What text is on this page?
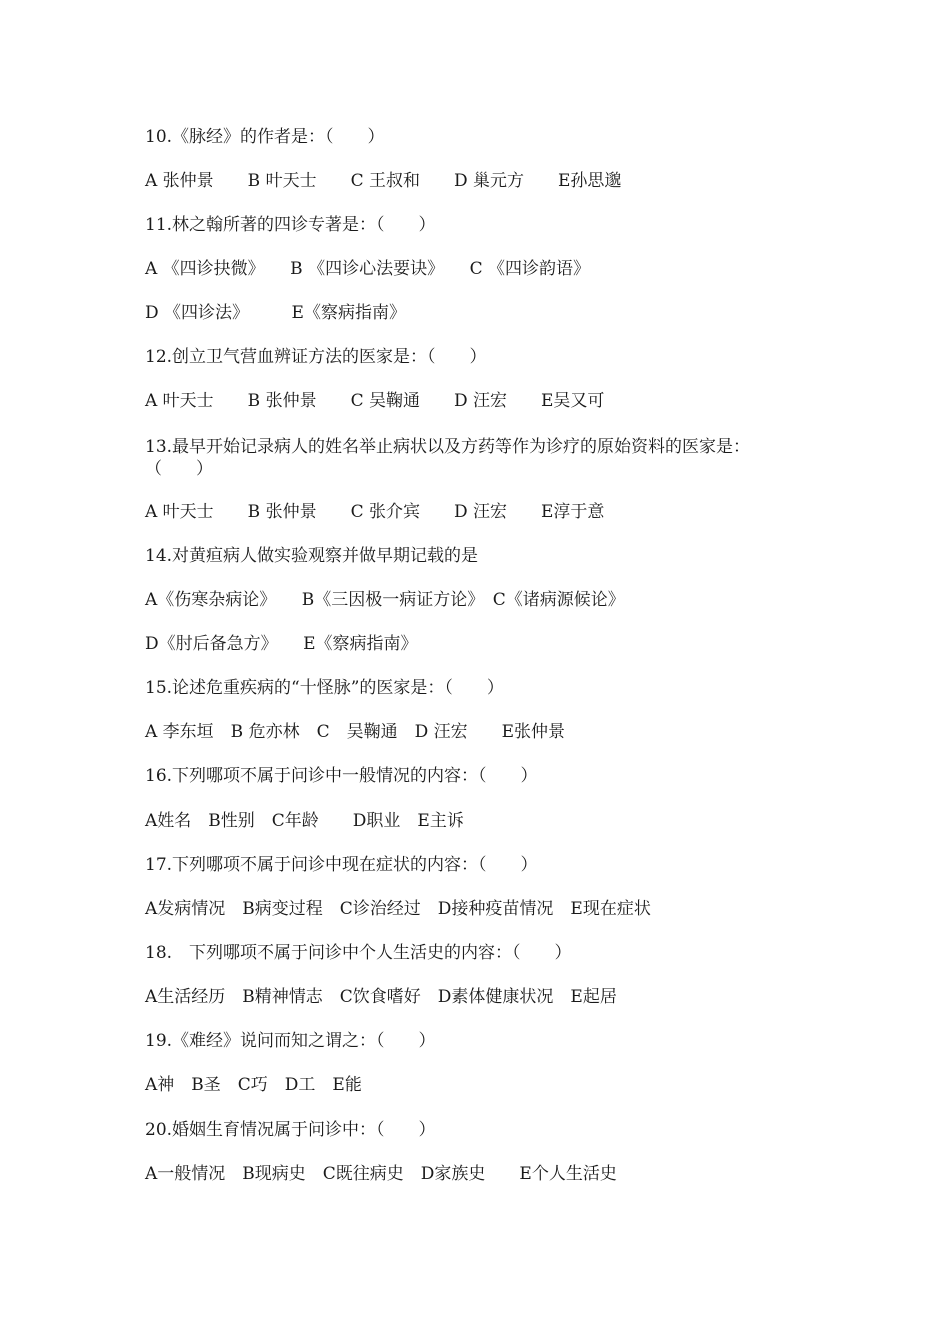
10.《脉经》的作者是：（　　）
A 张仲景　　B 叶天士　　C 王叔和　　D 巢元方　　E孙思邈
11.林之翰所著的四诊专著是：（　　）
A 《四诊抉微》　　B 《四诊心法要诀》　　C 《四诊韵语》
D 《四诊法》　　　E《察病指南》
12.创立卫气营血辨证方法的医家是：（　　）
A 叶天士　　B 张仲景　　C 吴鞠通　　D 汪宏　　E吴又可
13.最早开始记录病人的姓名举止病状以及方药等作为诊疗的原始资料的医家是：
（　　）
A 叶天士　　B 张仲景　　C 张介宾　　D 汪宏　　E淳于意
14.对黄疸病人做实验观察并做早期记载的是
A《伤寒杂病论》　　B《三因极一病证方论》　C《诸病源候论》
D《肘后备急方》　　E《察病指南》
15.论述危重疾病的“十怪脉”的医家是：（　　）
A 李东垣　B 危亦林　C　吴鞠通　D 汪宏　　E张仲景
16.下列哪项不属于问诊中一般情况的内容：（　　）
A姓名　B性别　C年龄　　D职业　E主诉
17.下列哪项不属于问诊中现在症状的内容：（　　）
A发病情况　B病变过程　C诊治经过　D接种疫苗情况　E现在症状
18.　下列哪项不属于问诊中个人生活史的内容：（　　）
A生活经历　B精神情志　C饮食嗜好　D素体健康状况　E起居
19.《难经》说问而知之谓之：（　　）
A神　B圣　C巧　D工　E能
20.婚姻生育情况属于问诊中：（　　）
A一般情况　B现病史　C既往病史　D家族史　　E个人生活史
